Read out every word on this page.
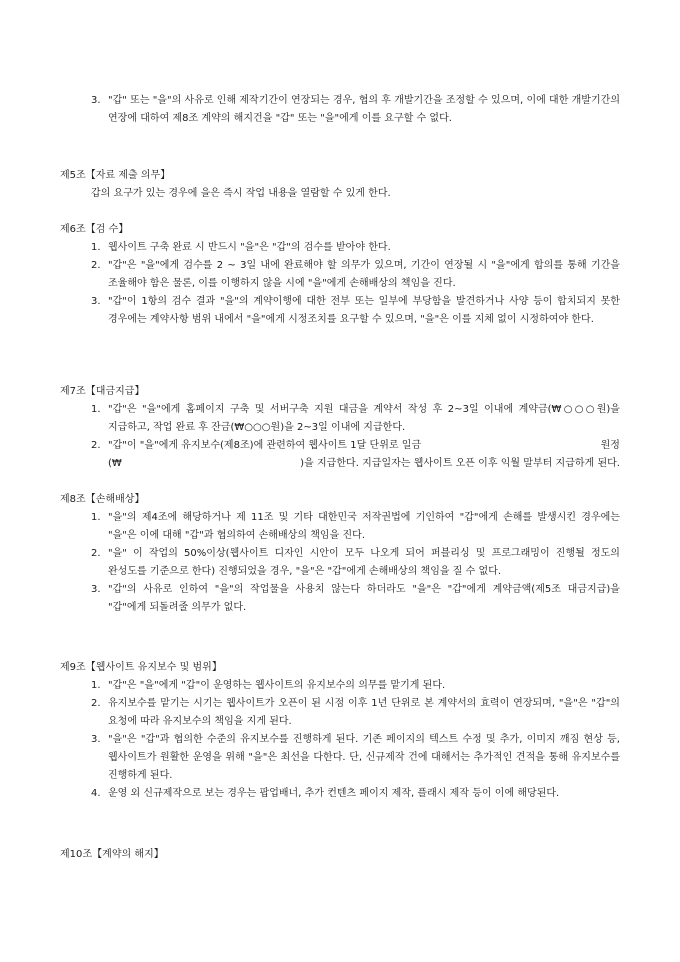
3. "갑" 또는 "을"의 사유로 인해 제작기간이 연장되는 경우, 협의 후 개발기간을 조정할 수 있으며, 이에 대한 개발기간의 연장에 대하여 제8조 계약의 해지건을 "갑" 또는 "을"에게 이를 요구할 수 없다.
제5조【자료 제출 의무】
갑의 요구가 있는 경우에 을은 즉시 작업 내용을 열람할 수 있게 한다.
제6조【검 수】
1. 웹사이트 구축 완료 시 반드시 "을"은 "갑"의 검수를 받아야 한다.
2. "갑"은 "을"에게 검수를 2 ~ 3일 내에 완료해야 할 의무가 있으며, 기간이 연장될 시 "을"에게 합의를 통해 기간을 조율해야 함은 물론, 이를 이행하지 않을 시에 "을"에게 손해배상의 책임을 진다.
3. "갑"이 1항의 검수 결과 "을"의 계약이행에 대한 전부 또는 일부에 부당함을 발견하거나 사양 등이 합치되지 못한 경우에는 계약사항 범위 내에서 "을"에게 시정조치를 요구할 수 있으며, "을"은 이를 지체 없이 시정하여야 한다.
제7조【대금지급】
1. "갑"은 "을"에게 홈페이지 구축 및 서버구축 지원 대금을 계약서 작성 후 2~3일 이내에 계약금(₩○○○원)을 지급하고, 작업 완료 후 잔금(₩○○○원)을 2~3일 이내에 지급한다.
2. "갑"이 "을"에게 유지보수(제8조)에 관련하여 웹사이트 1달 단위로 일금	원정
(₩	)을 지급한다. 지급일자는 웹사이트 오픈 이후 익월 말부터 지급하게 된다.
제8조【손해배상】
1. "을"의 제4조에 해당하거나 제 11조 및 기타 대한민국 저작권법에 기인하여 "갑"에게 손해를 발생시킨 경우에는 "을"은 이에 대해 "갑"과 협의하여 손해배상의 책임을 진다.
2. "을" 이 작업의 50%이상(웹사이트 디자인 시안이 모두 나오게 되어 퍼블리싱 및 프로그래밍이 진행될 정도의 완성도를 기준으로 한다) 진행되었을 경우, "을"은 "갑"에게 손해배상의 책임을 질 수 없다.
3. "갑"의 사유로 인하여 "을"의 작업물을 사용치 않는다 하더라도 "을"은 "갑"에게 계약금액(제5조 대금지급)을 "갑"에게 되돌려줄 의무가 없다.
제9조【웹사이트 유지보수 및 범위】
1. "갑"은 "을"에게 "갑"이 운영하는 웹사이트의 유지보수의 의무를 맡기게 된다.
2. 유지보수를 맡기는 시기는 웹사이트가 오픈이 된 시점 이후 1년 단위로 본 계약서의 효력이 연장되며, "을"은 "갑"의 요청에 따라 유지보수의 책임을 지게 된다.
3. "을"은 "갑"과 협의한 수준의 유지보수를 진행하게 된다. 기존 페이지의 텍스트 수정 및 추가, 이미지 깨짐 현상 등, 웹사이트가 원활한 운영을 위해 "을"은 최선을 다한다. 단, 신규제작 건에 대해서는 추가적인 견적을 통해 유지보수를 진행하게 된다.
4. 운영 외 신규제작으로 보는 경우는 팝업배너, 추가 컨텐츠 페이지 제작, 플래시 제작 등이 이에 해당된다.
제10조【계약의 해지】
